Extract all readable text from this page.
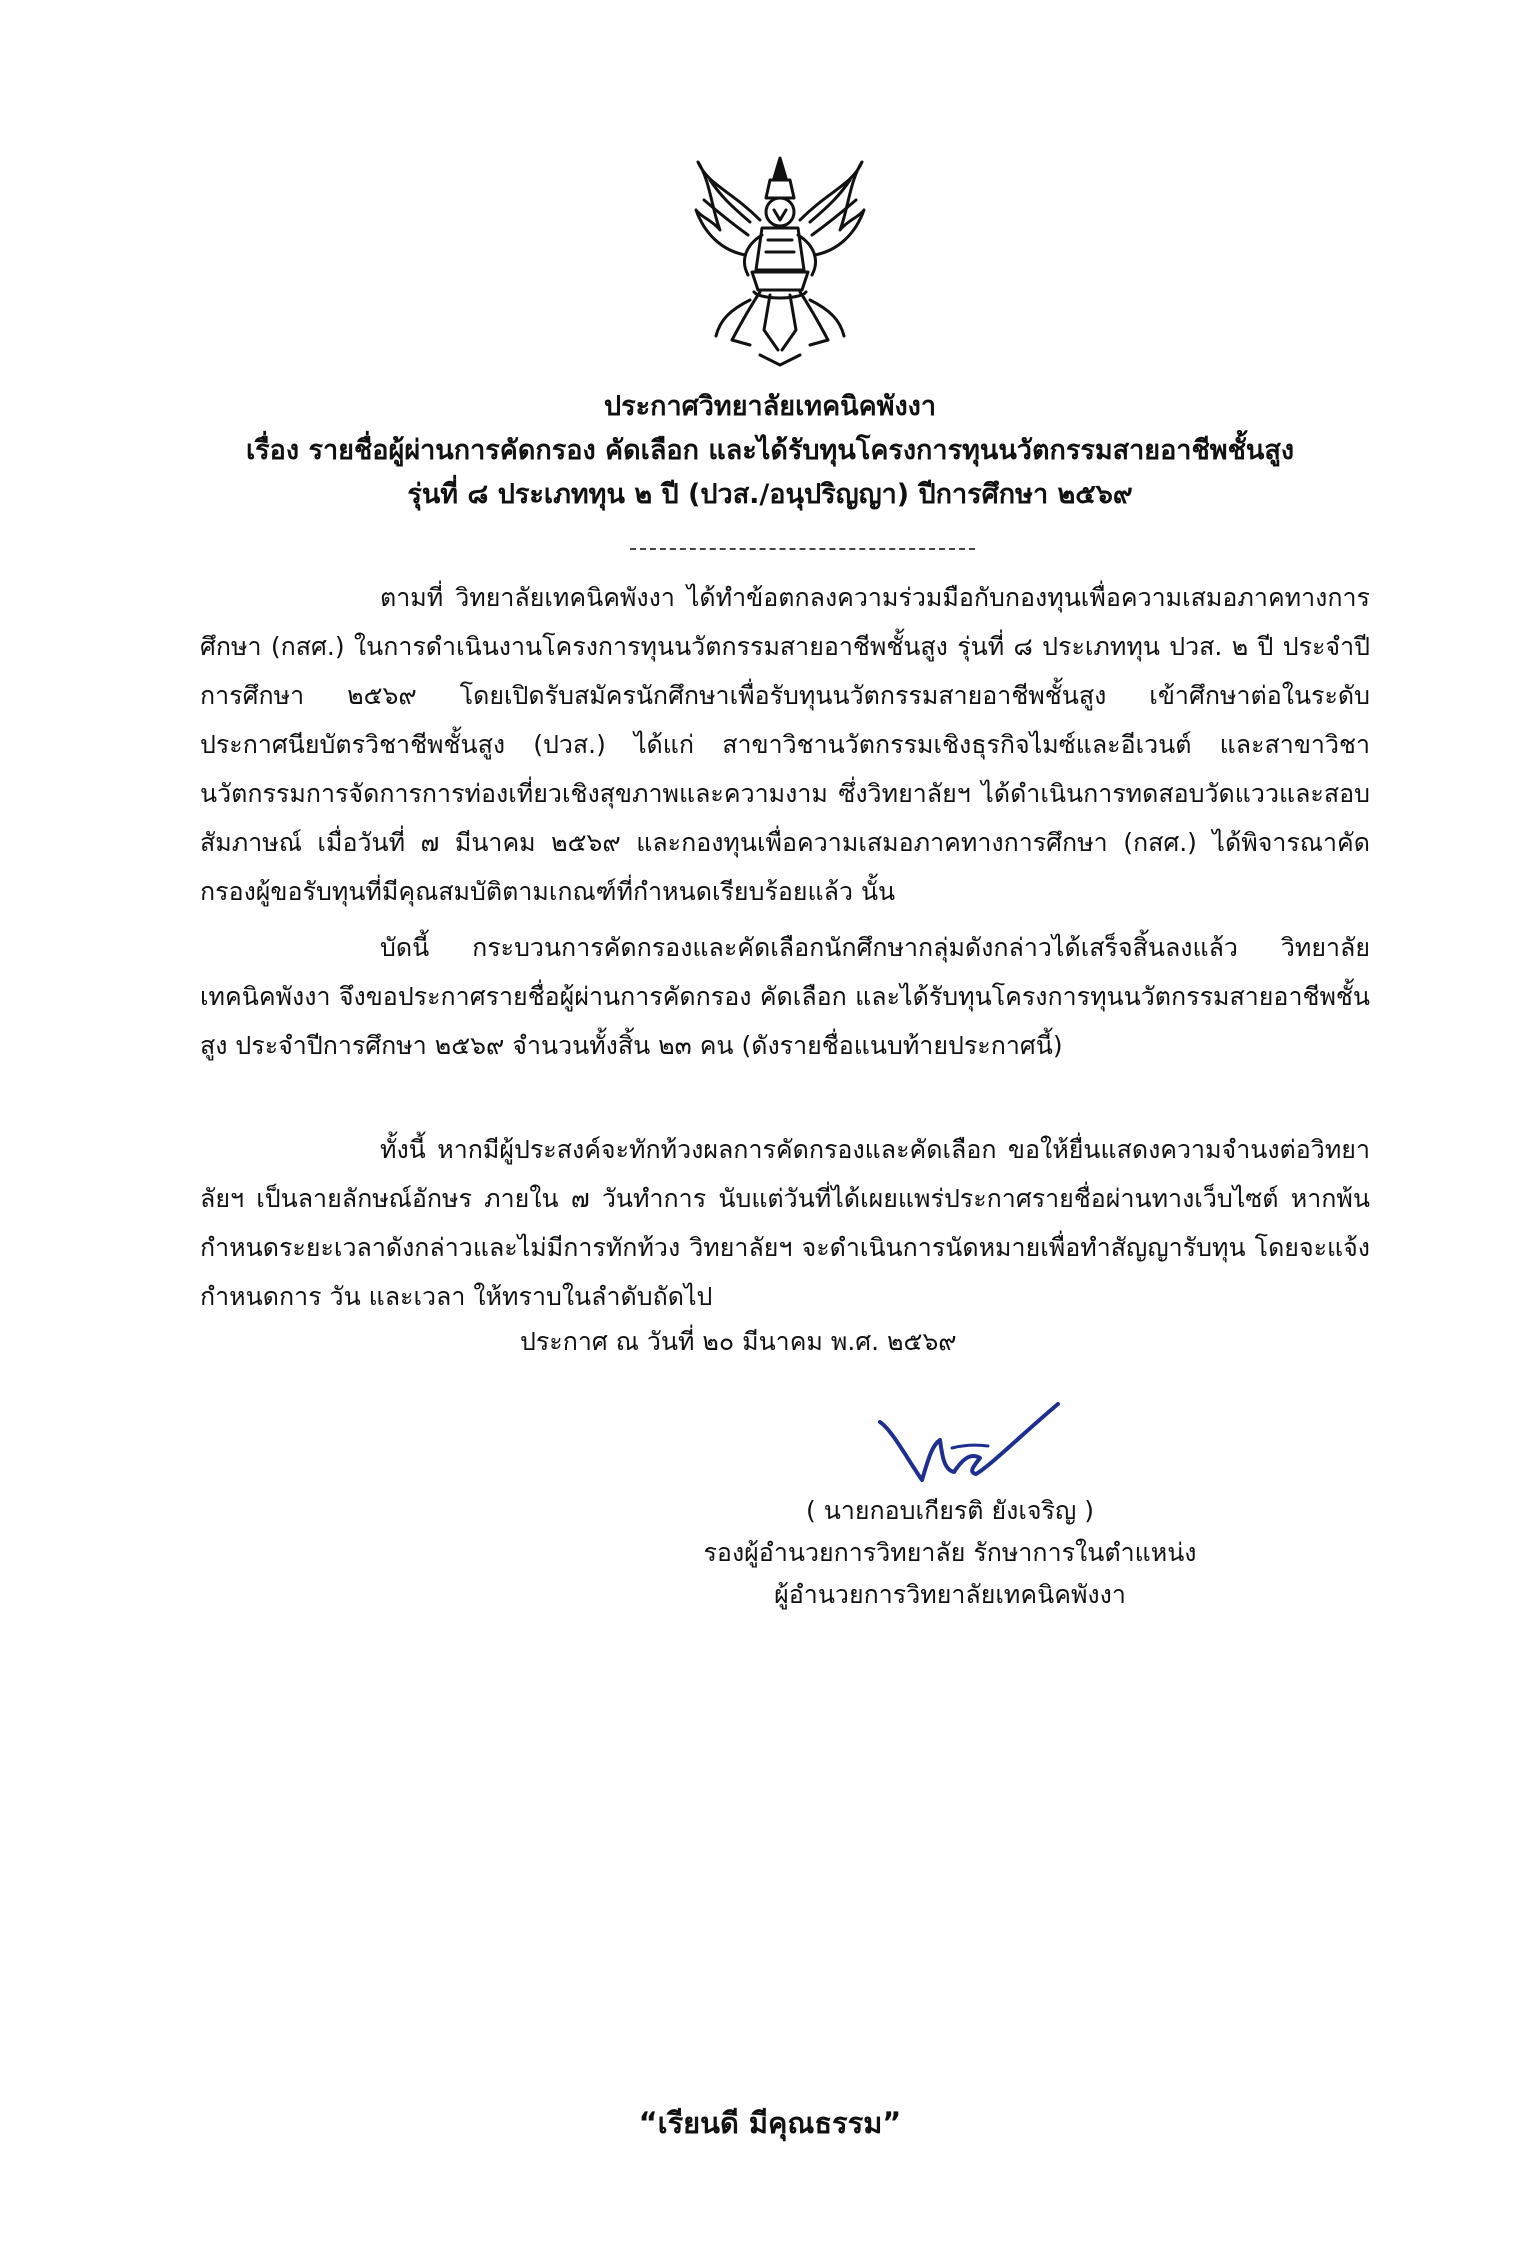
ประกาศวิทยาลัยเทคนิคพังงา
เรื่อง รายชื่อผู้ผ่านการคัดกรอง คัดเลือก และได้รับทุนโครงการทุนนวัตกรรมสายอาชีพชั้นสูง
รุ่นที่ ๘ ประเภททุน ๒ ปี (ปวส./อนุปริญญา) ปีการศึกษา ๒๕๖๙
ตามที่ วิทยาลัยเทคนิคพังงา ได้ทำข้อตกลงความร่วมมือกับกองทุนเพื่อความเสมอภาคทางการศึกษา (กสศ.) ในการดำเนินงานโครงการทุนนวัตกรรมสายอาชีพชั้นสูง รุ่นที่ ๘ ประเภททุน ปวส. ๒ ปี ประจำปีการศึกษา ๒๕๖๙ โดยเปิดรับสมัครนักศึกษาเพื่อรับทุนนวัตกรรมสายอาชีพชั้นสูง เข้าศึกษาต่อในระดับประกาศนียบัตรวิชาชีพชั้นสูง (ปวส.) ได้แก่ สาขาวิชานวัตกรรมเชิงธุรกิจไมซ์และอีเวนต์ และสาขาวิชานวัตกรรมการจัดการการท่องเที่ยวเชิงสุขภาพและความงาม ซึ่งวิทยาลัยฯ ได้ดำเนินการทดสอบวัดแววและสอบสัมภาษณ์ เมื่อวันที่ ๗ มีนาคม ๒๕๖๙ และกองทุนเพื่อความเสมอภาคทางการศึกษา (กสศ.) ได้พิจารณาคัดกรองผู้ขอรับทุนที่มีคุณสมบัติตามเกณฑ์ที่กำหนดเรียบร้อยแล้ว นั้น
บัดนี้ กระบวนการคัดกรองและคัดเลือกนักศึกษากลุ่มดังกล่าวได้เสร็จสิ้นลงแล้ว วิทยาลัยเทคนิคพังงา จึงขอประกาศรายชื่อผู้ผ่านการคัดกรอง คัดเลือก และได้รับทุนโครงการทุนนวัตกรรมสายอาชีพชั้นสูง ประจำปีการศึกษา ๒๕๖๙ จำนวนทั้งสิ้น ๒๓ คน (ดังรายชื่อแนบท้ายประกาศนี้)
ทั้งนี้ หากมีผู้ประสงค์จะทักท้วงผลการคัดกรองและคัดเลือก ขอให้ยื่นแสดงความจำนงต่อวิทยาลัยฯ เป็นลายลักษณ์อักษร ภายใน ๗ วันทำการ นับแต่วันที่ได้เผยแพร่ประกาศรายชื่อผ่านทางเว็บไซต์ หากพ้นกำหนดระยะเวลาดังกล่าวและไม่มีการทักท้วง วิทยาลัยฯ จะดำเนินการนัดหมายเพื่อทำสัญญารับทุน โดยจะแจ้งกำหนดการ วัน และเวลา ให้ทราบในลำดับถัดไป
ประกาศ ณ วันที่ ๒๐ มีนาคม พ.ศ. ๒๕๖๙
( นายกอบเกียรติ ยังเจริญ )
รองผู้อำนวยการวิทยาลัย รักษาการในตำแหน่ง
ผู้อำนวยการวิทยาลัยเทคนิคพังงา
“เรียนดี มีคุณธรรม”
